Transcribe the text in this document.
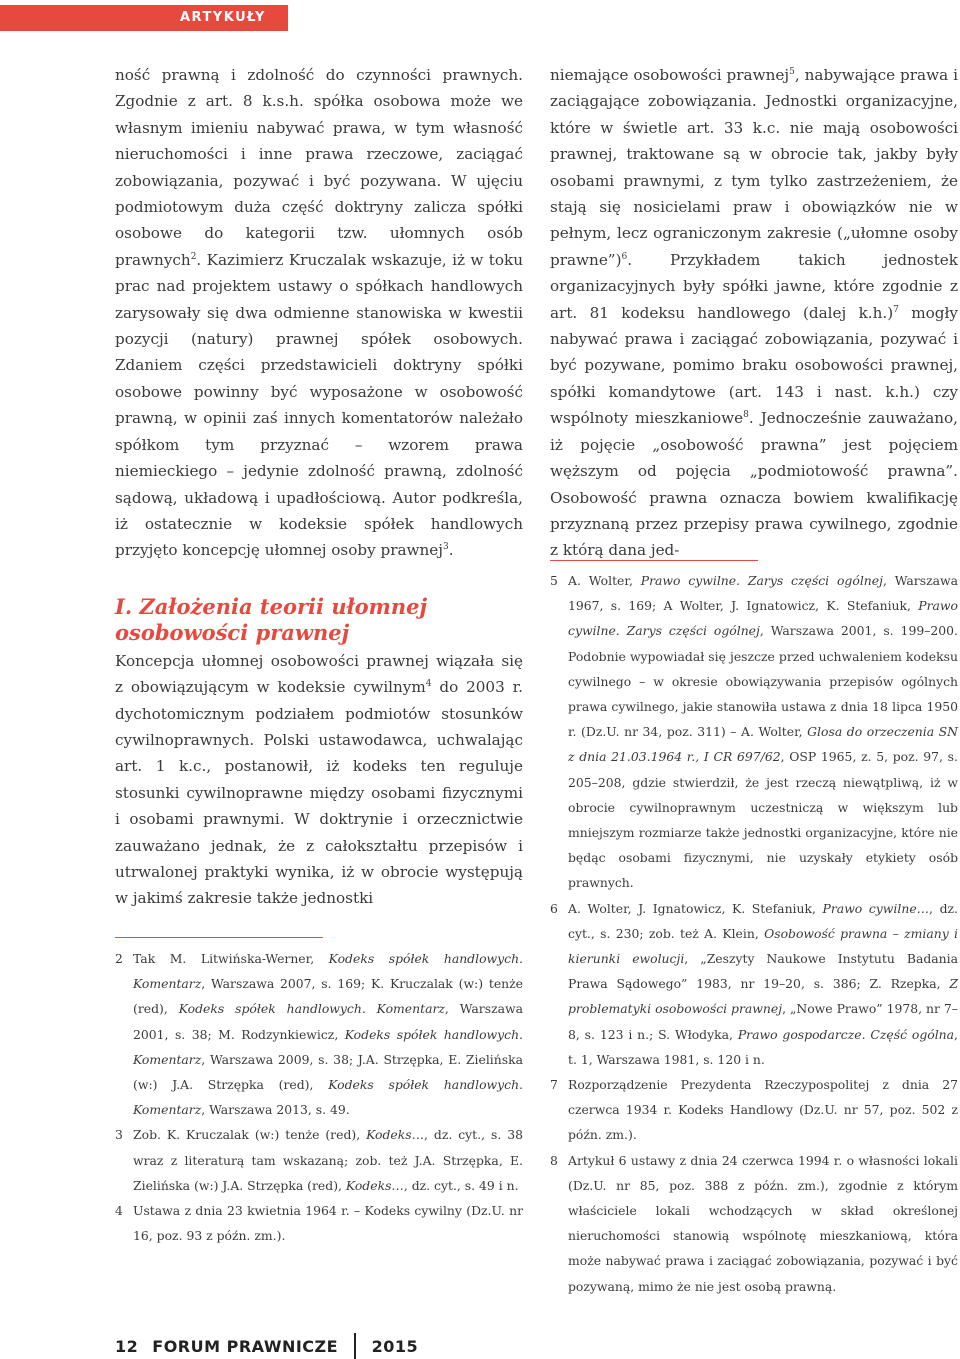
ARTYKUŁY

ność prawną i zdolność do czynności prawnych. Zgodnie z art. 8 k.s.h. spółka osobowa może we własnym imieniu nabywać prawa, w tym własność nieruchomości i inne prawa rzeczowe, zaciągać zobowiązania, pozywać i być pozywana. W ujęciu podmiotowym duża część doktryny zalicza spółki osobowe do kategorii tzw. ułomnych osób prawnych$^2$. Kazimierz Kruczalak wskazuje, iż w toku prac nad projektem ustawy o spółkach handlowych zarysowały się dwa odmienne stanowiska w kwestii pozycji (natury) prawnej spółek osobowych. Zdaniem części przedstawicieli doktryny spółki osobowe powinny być wyposażone w osobowość prawną, w opinii zaś innych komentatorów należało spółkom tym przyznać – wzorem prawa niemieckiego – jedynie zdolność prawną, zdolność sądową, układową i upadłościową. Autor podkreśla, iż ostatecznie w kodeksie spółek handlowych przyjęto koncepcję ułomnej osoby prawnej$^3$.

I. Założenia teorii ułomnej osobowości prawnej

Koncepcja ułomnej osobowości prawnej wiązała się z obowiązującym w kodeksie cywilnym$^4$ do 2003 r. dychotomicznym podziałem podmiotów stosunków cywilnoprawnych. Polski ustawodawca, uchwalając art. 1 k.c., postanowił, iż kodeks ten reguluje stosunki cywilnoprawne między osobami fizycznymi i osobami prawnymi. W doktrynie i orzecznictwie zauważano jednak, że z całokształtu przepisów i utrwalonej praktyki wynika, iż w obrocie występują w jakimś zakresie także jednostki

niemające osobowości prawnej$^5$, nabywające prawa i zaciągające zobowiązania. Jednostki organizacyjne, które w świetle art. 33 k.c. nie mają osobowości prawnej, traktowane są w obrocie tak, jakby były osobami prawnymi, z tym tylko zastrzeżeniem, że stają się nosicielami praw i obowiązków nie w pełnym, lecz ograniczonym zakresie („ułomne osoby prawne”)$^6$. Przykładem takich jednostek organizacyjnych były spółki jawne, które zgodnie z art. 81 kodeksu handlowego (dalej k.h.)$^7$ mogły nabywać prawa i zaciągać zobowiązania, pozywać i być pozywane, pomimo braku osobowości prawnej, spółki komandytowe (art. 143 i nast. k.h.) czy wspólnoty mieszkaniowe$^8$. Jednocześnie zauważano, iż pojęcie „osobowość prawna” jest pojęciem węższym od pojęcia „podmiotowość prawna”. Osobowość prawna oznacza bowiem kwalifikację przyznaną przez przepisy prawa cywilnego, zgodnie z którą dana jed-

2 Tak M. Litwińska-Werner, Kodeks spółek handlowych. Komentarz, Warszawa 2007, s. 169; K. Kruczalak (w:) tenże (red), Kodeks spółek handlowych. Komentarz, Warszawa 2001, s. 38; M. Rodzynkiewicz, Kodeks spółek handlowych. Komentarz, Warszawa 2009, s. 38; J.A. Strzępka, E. Zielińska (w:) J.A. Strzępka (red), Kodeks spółek handlowych. Komentarz, Warszawa 2013, s. 49.
3 Zob. K. Kruczalak (w:) tenże (red), Kodeks…, dz. cyt., s. 38 wraz z literaturą tam wskazaną; zob. też J.A. Strzępka, E. Zielińska (w:) J.A. Strzępka (red), Kodeks…, dz. cyt., s. 49 i n.
4 Ustawa z dnia 23 kwietnia 1964 r. – Kodeks cywilny (Dz.U. nr 16, poz. 93 z późn. zm.).
5 A. Wolter, Prawo cywilne. Zarys części ogólnej, Warszawa 1967, s. 169; A Wolter, J. Ignatowicz, K. Stefaniuk, Prawo cywilne. Zarys części ogólnej, Warszawa 2001, s. 199–200. Podobnie wypowiadał się jeszcze przed uchwaleniem kodeksu cywilnego – w okresie obowiązywania przepisów ogólnych prawa cywilnego, jakie stanowiła ustawa z dnia 18 lipca 1950 r. (Dz.U. nr 34, poz. 311) – A. Wolter, Glosa do orzeczenia SN z dnia 21.03.1964 r., I CR 697/62, OSP 1965, z. 5, poz. 97, s. 205–208, gdzie stwierdził, że jest rzeczą niewątpliwą, iż w obrocie cywilnoprawnym uczestniczą w większym lub mniejszym rozmiarze także jednostki organizacyjne, które nie będąc osobami fizycznymi, nie uzyskały etykiety osób prawnych.
6 A. Wolter, J. Ignatowicz, K. Stefaniuk, Prawo cywilne…, dz. cyt., s. 230; zob. też A. Klein, Osobowość prawna – zmiany i kierunki ewolucji, „Zeszyty Naukowe Instytutu Badania Prawa Sądowego” 1983, nr 19–20, s. 386; Z. Rzepka, Z problematyki osobowości prawnej, „Nowe Prawo” 1978, nr 7–8, s. 123 i n.; S. Włodyka, Prawo gospodarcze. Część ogólna, t. 1, Warszawa 1981, s. 120 i n.
7 Rozporządzenie Prezydenta Rzeczypospolitej z dnia 27 czerwca 1934 r. Kodeks Handlowy (Dz.U. nr 57, poz. 502 z późn. zm.).
8 Artykuł 6 ustawy z dnia 24 czerwca 1994 r. o własności lokali (Dz.U. nr 85, poz. 388 z późn. zm.), zgodnie z którym właściciele lokali wchodzących w skład określonej nieruchomości stanowią wspólnotę mieszkaniową, która może nabywać prawa i zaciągać zobowiązania, pozywać i być pozywaną, mimo że nie jest osobą prawną.
12 FORUM PRAWNICZE 2015
